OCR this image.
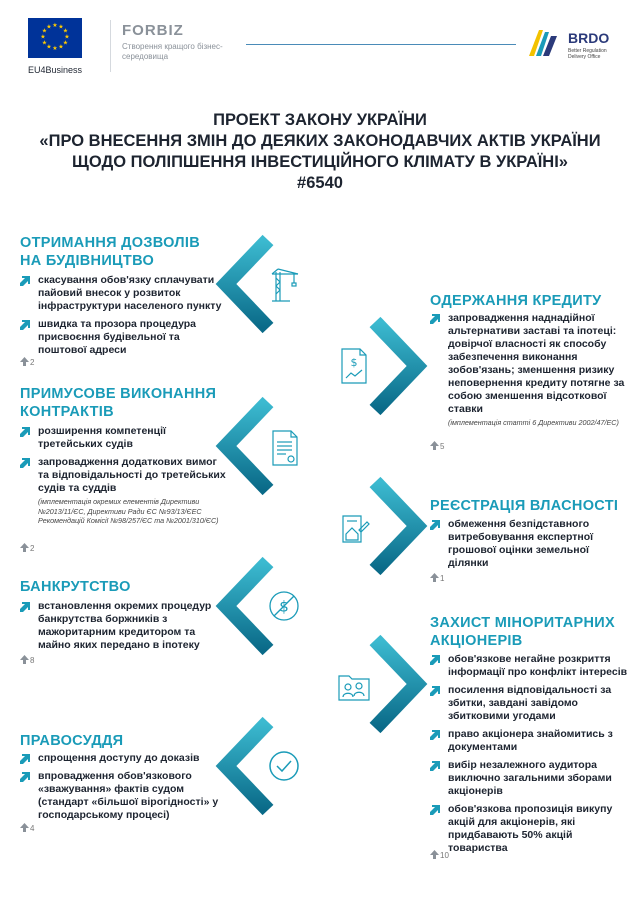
★ ★
★
★
★
★
★
★
★
★
★
★
EU4Business
FORBIZ
Створення кращого бізнес-середовища
BRDO
Better Regulation Delivery Office
ПРОЕКТ ЗАКОНУ УКРАЇНИ
«ПРО ВНЕСЕННЯ ЗМІН ДО ДЕЯКИХ ЗАКОНОДАВЧИХ АКТІВ УКРАЇНИ
ЩОДО ПОЛІПШЕННЯ ІНВЕСТИЦІЙНОГО КЛІМАТУ В УКРАЇНІ»
#6540
$
$
ОТРИМАННЯ ДОЗВОЛІВ
НА БУДІВНИЦТВО
скасування обов'язку сплачувати пайовий внесок у розвиток інфраструктури населеного пункту
швидка та прозора процедура присвоєння будівельної та поштової адреси
2
ОДЕРЖАННЯ КРЕДИТУ
запровадження наднадійної альтернативи заставі та іпотеці: довірчої власності як способу забезпечення виконання зобов'язань; зменшення ризику неповернення кредиту потягне за собою зменшення відсоткової ставки
(імплементація статті 6 Директиви 2002/47/ЕС)
5
ПРИМУСОВЕ ВИКОНАННЯ
КОНТРАКТІВ
розширення компетенції третейських судів
запровадження додаткових вимог та відповідальності до третейських судів та суддів
(імплементація окремих елементів Директиви №2013/11/ЄС, Директиви Ради ЄС №93/13/ЄЕС Рекомендацій Комісії №98/257/ЄС та №2001/310/ЄС)
2
РЕЄСТРАЦІЯ ВЛАСНОСТІ
обмеження безпідставного витребовування експертної грошової оцінки земельної ділянки
1
БАНКРУТСТВО
встановлення окремих процедур банкрутства боржників з мажоритарним кредитором та майно яких передано в іпотеку
8
ЗАХИСТ МІНОРИТАРНИХ
АКЦІОНЕРІВ
обов'язкове негайне розкриття інформації про конфлікт інтересів
посилення відповідальності за збитки, завдані завідомо збитковими угодами
право акціонера знайомитись з документами
вибір незалежного аудитора виключно загальними зборами акціонерів
обов'язкова пропозиція викупу акцій для акціонерів, які придбавають 50% акцій товариства
10
ПРАВОСУДДЯ
спрощення доступу до доказів
впровадження обов'язкового «зважування» фактів судом (стандарт «більшої вірогідності» у господарському процесі)
4
